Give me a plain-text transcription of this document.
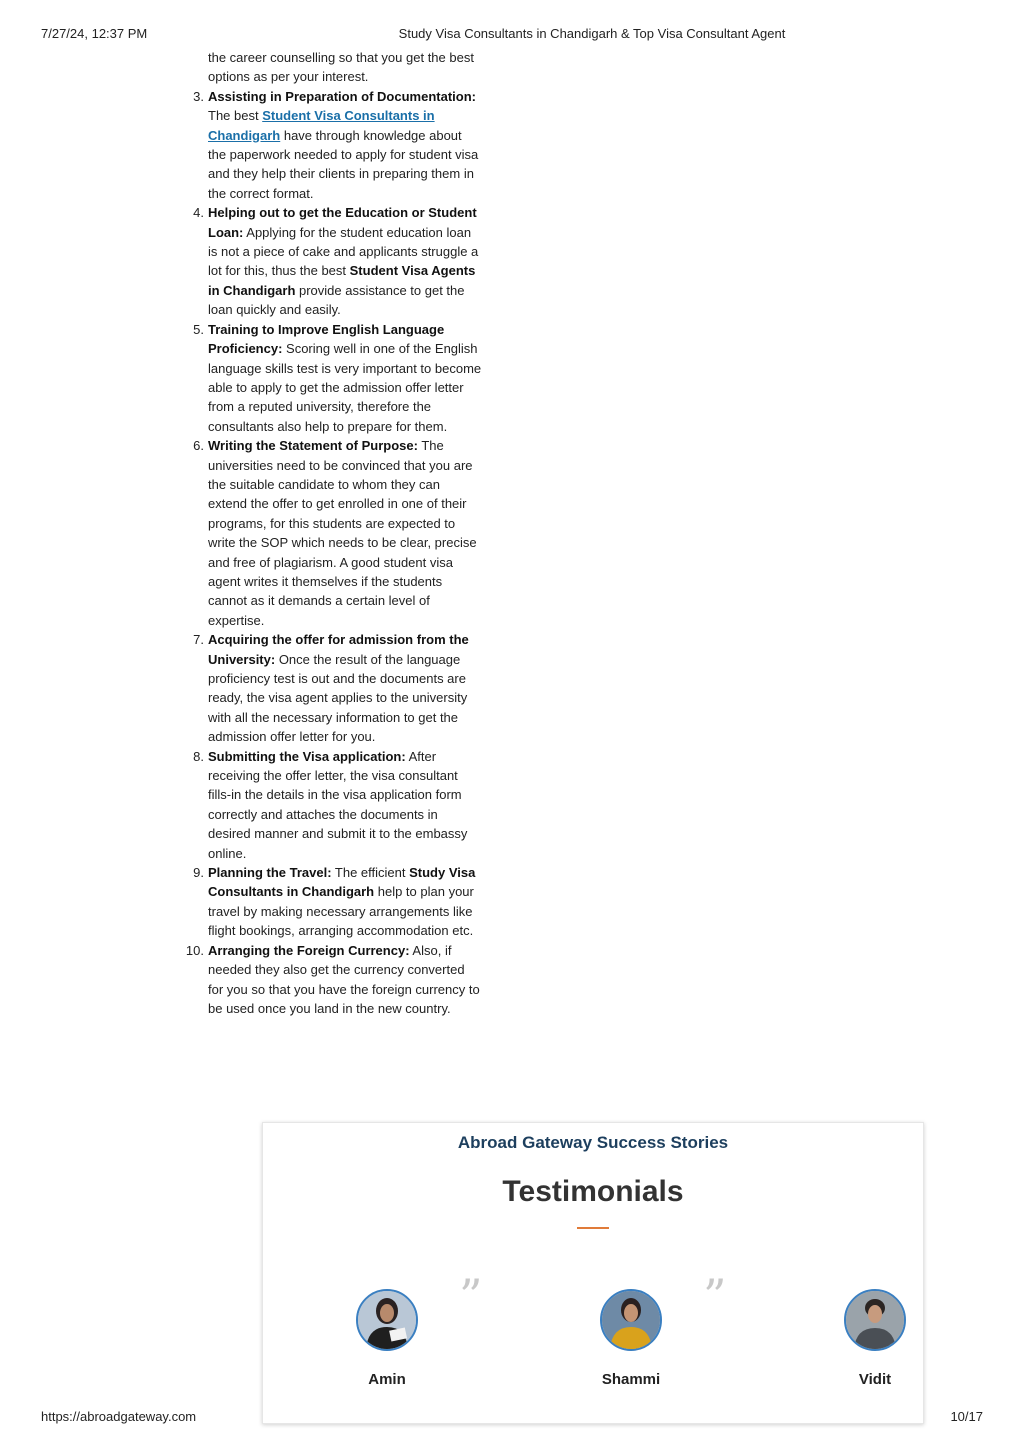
7/27/24, 12:37 PM	Study Visa Consultants in Chandigarh & Top Visa Consultant Agent

the career counselling so that you get the best options as per your interest.

3. Assisting in Preparation of Documentation: The best Student Visa Consultants in Chandigarh have through knowledge about the paperwork needed to apply for student visa and they help their clients in preparing them in the correct format.
4. Helping out to get the Education or Student Loan: Applying for the student education loan is not a piece of cake and applicants struggle a lot for this, thus the best Student Visa Agents in Chandigarh provide assistance to get the loan quickly and easily.
5. Training to Improve English Language Proficiency: Scoring well in one of the English language skills test is very important to become able to apply to get the admission offer letter from a reputed university, therefore the consultants also help to prepare for them.
6. Writing the Statement of Purpose: The universities need to be convinced that you are the suitable candidate to whom they can extend the offer to get enrolled in one of their programs, for this students are expected to write the SOP which needs to be clear, precise and free of plagiarism. A good student visa agent writes it themselves if the students cannot as it demands a certain level of expertise.
7. Acquiring the offer for admission from the University: Once the result of the language proficiency test is out and the documents are ready, the visa agent applies to the university with all the necessary information to get the admission offer letter for you.
8. Submitting the Visa application: After receiving the offer letter, the visa consultant fills-in the details in the visa application form correctly and attaches the documents in desired manner and submit it to the embassy online.
9. Planning the Travel: The efficient Study Visa Consultants in Chandigarh help to plan your travel by making necessary arrangements like flight bookings, arranging accommodation etc.
10. Arranging the Foreign Currency: Also, if needed they also get the currency converted for you so that you have the foreign currency to be used once you land in the new country.
Abroad Gateway Success Stories
Testimonials
Amin
”
Shammi
”
Vidit
https://abroadgateway.com	10/17
